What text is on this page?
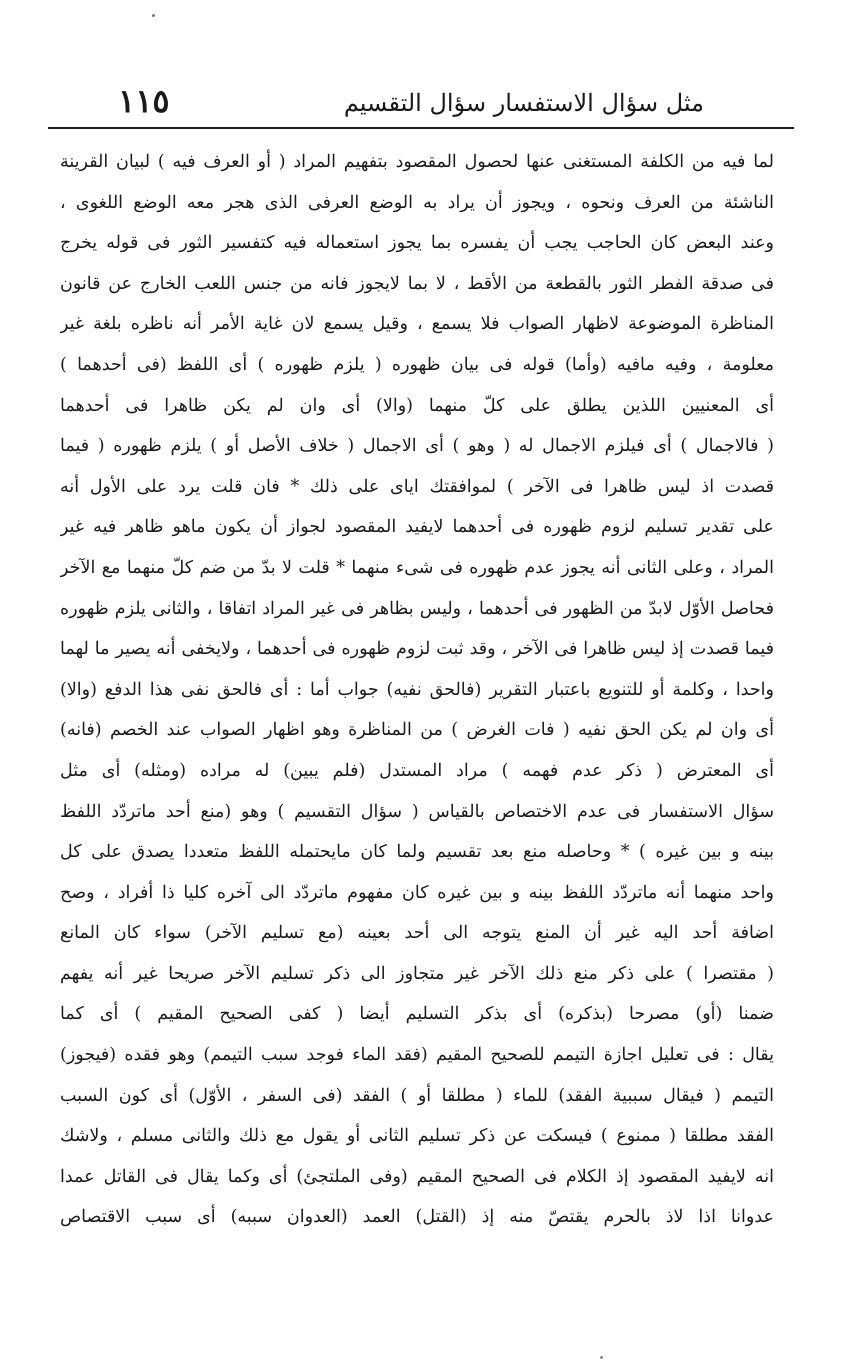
مثل سؤال الاستفسار سؤال التقسيم
١١٥
لما فيه من الكلفة المستغنى عنها لحصول المقصود بتفهيم المراد ( أو العرف فيه ) لبيان القرينة
الناشئة من العرف ونحوه ، ويجوز أن يراد به الوضع العرفى الذى هجر معه الوضع اللغوى ،
وعند البعض كان الحاجب يجب أن يفسره بما يجوز استعماله فيه كتفسير الثور فى قوله يخرج
فى صدقة الفطر الثور بالقطعة من الأقط ، لا بما لايجوز فانه من جنس اللعب الخارج عن قانون
المناظرة الموضوعة لاظهار الصواب فلا يسمع ، وقيل يسمع لان غاية الأمر أنه ناظره بلغة غير
معلومة ، وفيه مافيه (وأما) قوله فى بيان ظهوره ( يلزم ظهوره ) أى اللفظ (فى أحدهما )
أى المعنيين اللذين يطلق على كلّ منهما (والا) أى وان لم يكن ظاهرا فى أحدهما
( فالاجمال ) أى فيلزم الاجمال له ( وهو ) أى الاجمال ( خلاف الأصل أو ) يلزم ظهوره ( فيما
قصدت اذ ليس ظاهرا فى الآخر ) لموافقتك اياى على ذلك * فان قلت يرد على الأول أنه
على تقدير تسليم لزوم ظهوره فى أحدهما لايفيد المقصود لجواز أن يكون ماهو ظاهر فيه غير
المراد ، وعلى الثانى أنه يجوز عدم ظهوره فى شىء منهما * قلت لا بدّ من ضم كلّ منهما مع الآخر
فحاصل الأوّل لابدّ من الظهور فى أحدهما ، وليس بظاهر فى غير المراد اتفاقا ، والثانى يلزم ظهوره
فيما قصدت إذ ليس ظاهرا فى الآخر ، وقد ثبت لزوم ظهوره فى أحدهما ، ولايخفى أنه يصير ما لهما
واحدا ، وكلمة أو للتنويع باعتبار التقرير (فالحق نفيه) جواب أما : أى فالحق نفى هذا الدفع (والا)
أى وان لم يكن الحق نفيه ( فات الغرض ) من المناظرة وهو اظهار الصواب عند الخصم (فانه)
أى المعترض ( ذكر عدم فهمه ) مراد المستدل (فلم يبين) له مراده (ومثله) أى مثل
سؤال الاستفسار فى عدم الاختصاص بالقياس ( سؤال التقسيم ) وهو (منع أحد ماتردّد اللفظ
بينه و بين غيره ) * وحاصله منع بعد تقسيم ولما كان مايحتمله اللفظ متعددا يصدق على كل
واحد منهما أنه ماتردّد اللفظ بينه و بين غيره كان مفهوم ماتردّد الى آخره كليا ذا أفراد ، وصح
اضافة أحد اليه غير أن المنع يتوجه الى أحد بعينه (مع تسليم الآخر) سواء كان المانع
( مقتصرا ) على ذكر منع ذلك الآخر غير متجاوز الى ذكر تسليم الآخر صريحا غير أنه يفهم
ضمنا (أو) مصرحا (بذكره) أى بذكر التسليم أيضا ( كفى الصحيح المقيم ) أى كما
يقال : فى تعليل اجازة التيمم للصحيح المقيم (فقد الماء فوجد سبب التيمم) وهو فقده (فيجوز)
التيمم ( فيقال سببية الفقد) للماء ( مطلقا أو ) الفقد (فى السفر ، الأوّل) أى كون السبب
الفقد مطلقا ( ممنوع ) فيسكت عن ذكر تسليم الثانى أو يقول مع ذلك والثانى مسلم ، ولاشك
انه لايفيد المقصود إذ الكلام فى الصحيح المقيم (وفى الملتجئ) أى وكما يقال فى القاتل عمدا
عدوانا اذا لاذ بالحرم يقتصّ منه إذ (القتل) العمد (العدوان سببه) أى سبب الاقتصاص
